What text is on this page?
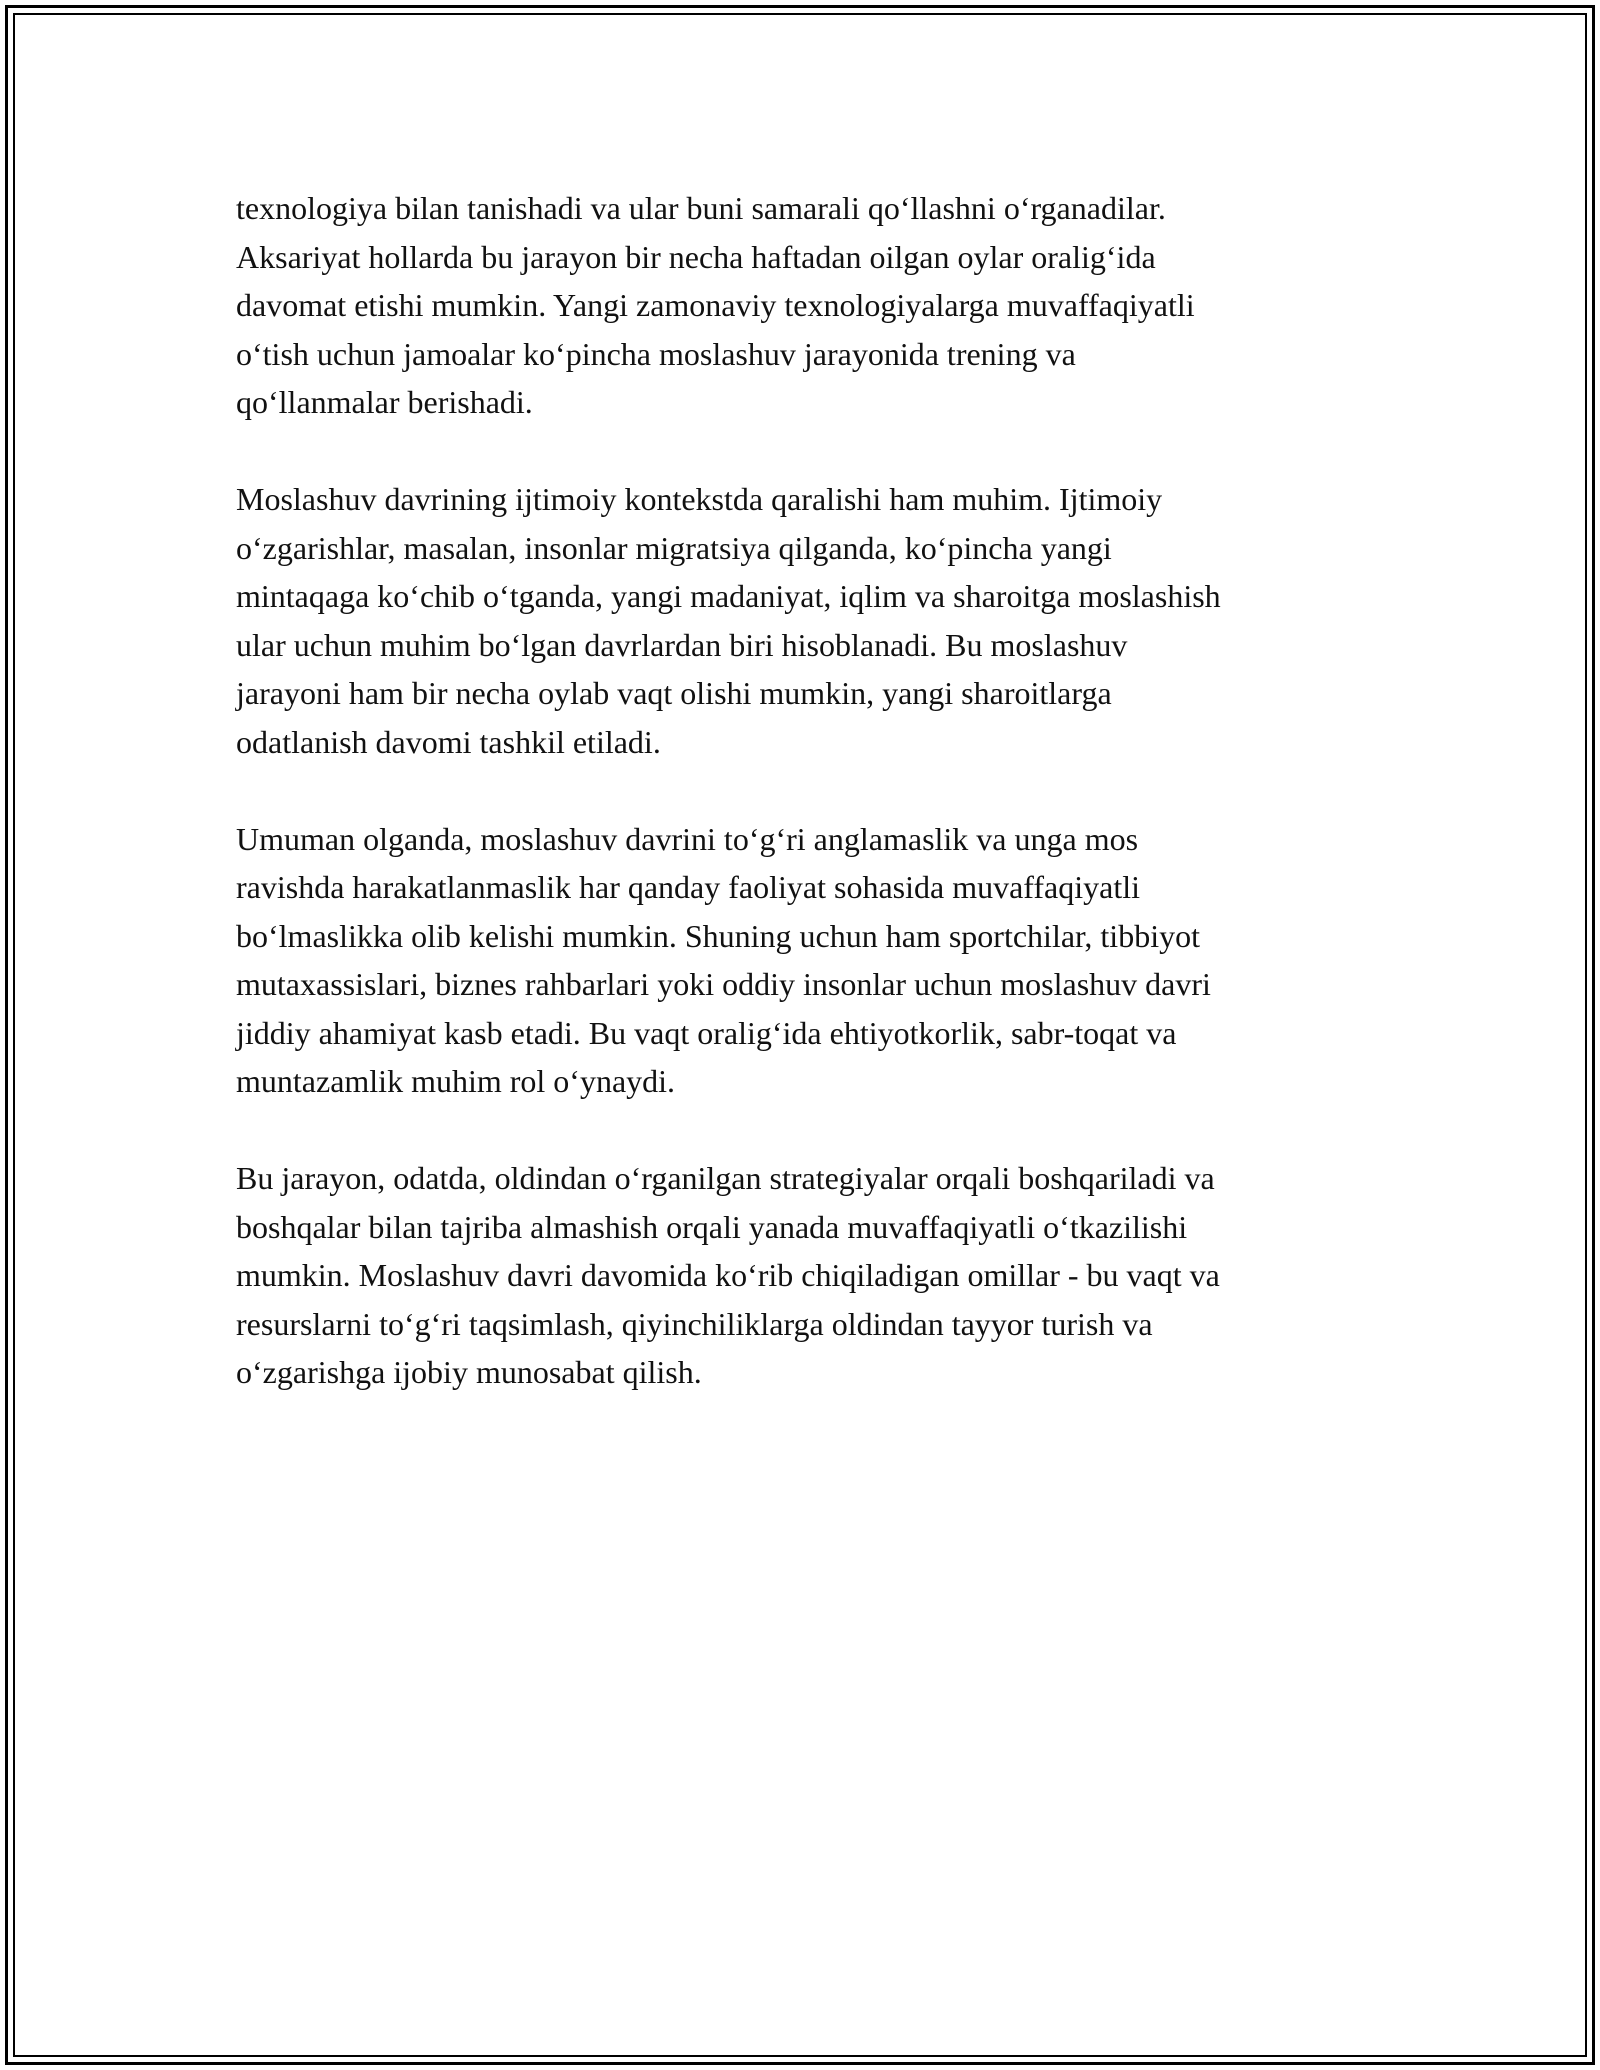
texnologiya bilan tanishadi va ular buni samarali qo‘llashni o‘rganadilar.
Aksariyat hollarda bu jarayon bir necha haftadan oilgan oylar oralig‘ida
davomat etishi mumkin. Yangi zamonaviy texnologiyalarga muvaffaqiyatli
o‘tish uchun jamoalar ko‘pincha moslashuv jarayonida trening va
qo‘llanmalar berishadi.

Moslashuv davrining ijtimoiy kontekstda qaralishi ham muhim. Ijtimoiy
o‘zgarishlar, masalan, insonlar migratsiya qilganda, ko‘pincha yangi
mintaqaga ko‘chib o‘tganda, yangi madaniyat, iqlim va sharoitga moslashish
ular uchun muhim bo‘lgan davrlardan biri hisoblanadi. Bu moslashuv
jarayoni ham bir necha oylab vaqt olishi mumkin, yangi sharoitlarga
odatlanish davomi tashkil etiladi.

Umuman olganda, moslashuv davrini to‘g‘ri anglamaslik va unga mos
ravishda harakatlanmaslik har qanday faoliyat sohasida muvaffaqiyatli
bo‘lmaslikka olib kelishi mumkin. Shuning uchun ham sportchilar, tibbiyot
mutaxassislari, biznes rahbarlari yoki oddiy insonlar uchun moslashuv davri
jiddiy ahamiyat kasb etadi. Bu vaqt oralig‘ida ehtiyotkorlik, sabr-toqat va
muntazamlik muhim rol o‘ynaydi.

Bu jarayon, odatda, oldindan o‘rganilgan strategiyalar orqali boshqariladi va
boshqalar bilan tajriba almashish orqali yanada muvaffaqiyatli o‘tkazilishi
mumkin. Moslashuv davri davomida ko‘rib chiqiladigan omillar - bu vaqt va
resurslarni to‘g‘ri taqsimlash, qiyinchiliklarga oldindan tayyor turish va
o‘zgarishga ijobiy munosabat qilish.
